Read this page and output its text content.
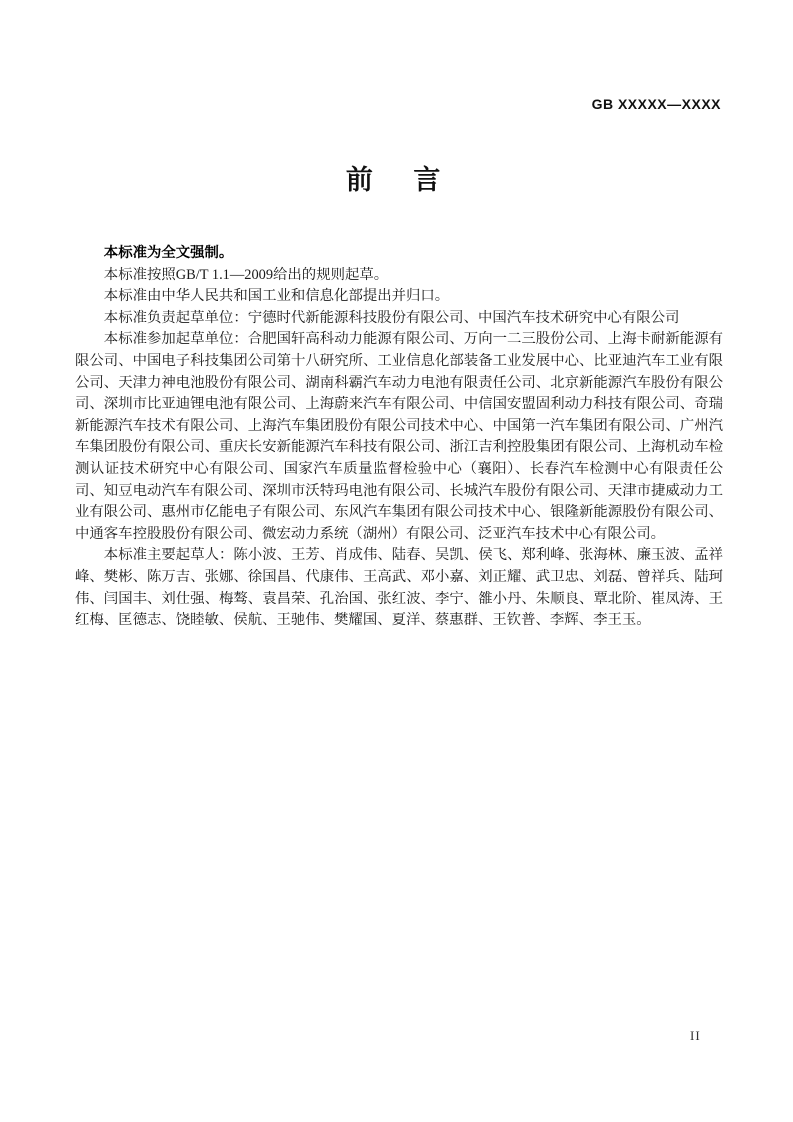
GB XXXXX—XXXX
前　言

本标准为全文强制。

本标准按照GB/T 1.1—2009给出的规则起草。

本标准由中华人民共和国工业和信息化部提出并归口。

本标准负责起草单位：宁德时代新能源科技股份有限公司、中国汽车技术研究中心有限公司

本标准参加起草单位：合肥国轩高科动力能源有限公司、万向一二三股份公司、上海卡耐新能源有限公司、中国电子科技集团公司第十八研究所、工业信息化部装备工业发展中心、比亚迪汽车工业有限公司、天津力神电池股份有限公司、湖南科霸汽车动力电池有限责任公司、北京新能源汽车股份有限公司、深圳市比亚迪锂电池有限公司、上海蔚来汽车有限公司、中信国安盟固利动力科技有限公司、奇瑞新能源汽车技术有限公司、上海汽车集团股份有限公司技术中心、中国第一汽车集团有限公司、广州汽车集团股份有限公司、重庆长安新能源汽车科技有限公司、浙江吉利控股集团有限公司、上海机动车检测认证技术研究中心有限公司、国家汽车质量监督检验中心（襄阳）、长春汽车检测中心有限责任公司、知豆电动汽车有限公司、深圳市沃特玛电池有限公司、长城汽车股份有限公司、天津市捷威动力工业有限公司、惠州市亿能电子有限公司、东风汽车集团有限公司技术中心、银隆新能源股份有限公司、中通客车控股股份有限公司、微宏动力系统（湖州）有限公司、泛亚汽车技术中心有限公司。

本标准主要起草人：陈小波、王芳、肖成伟、陆春、吴凯、侯飞、郑利峰、张海林、廉玉波、孟祥峰、樊彬、陈万吉、张娜、徐国昌、代康伟、王高武、邓小嘉、刘正耀、武卫忠、刘磊、曾祥兵、陆珂伟、闫国丰、刘仕强、梅骜、袁昌荣、孔治国、张红波、李宁、雒小丹、朱顺良、覃北阶、崔凤涛、王红梅、匡德志、饶睦敏、侯航、王驰伟、樊耀国、夏洋、蔡惠群、王钦普、李辉、李王玉。

II
